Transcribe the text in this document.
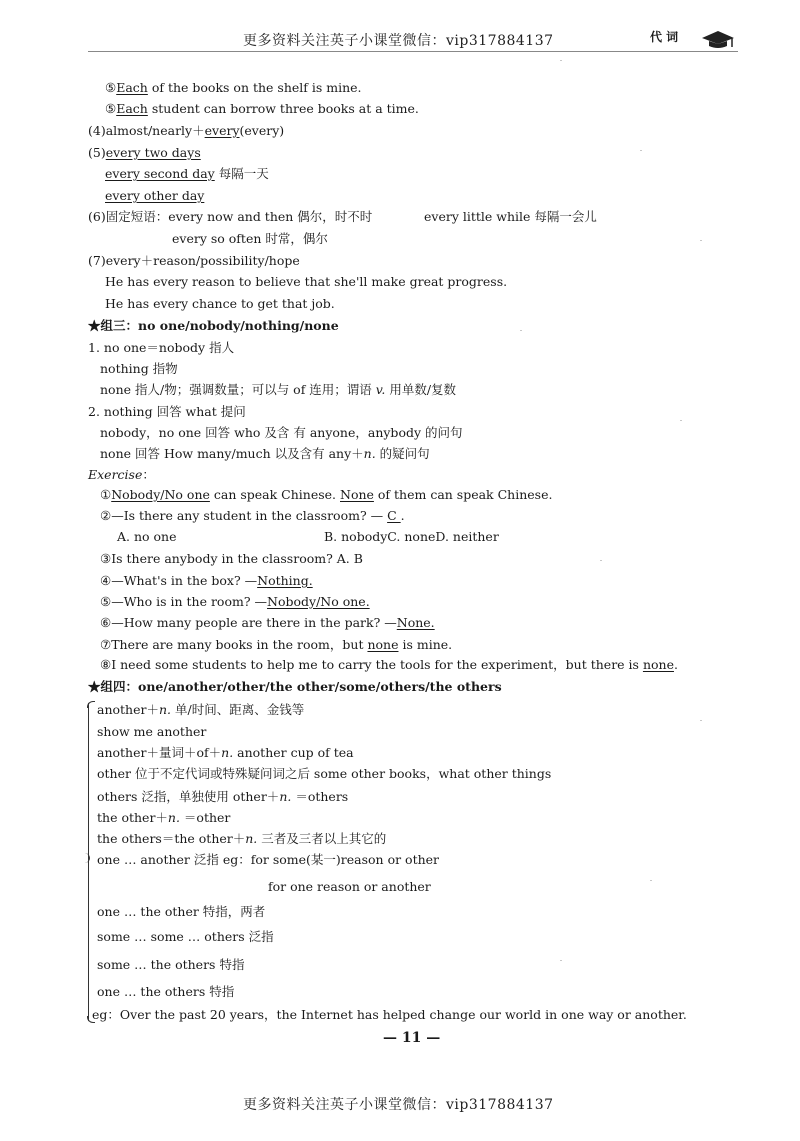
更多资料关注英子小课堂微信：vip317884137	代 词
⑤Each of the books on the shelf is mine.
⑤Each student can borrow three books at a time.
(4)almost/nearly＋every(every)
(5)every two days
every second day 每隔一天
every other day
(6)固定短语：every now and then 偶尔，时不时	every little while 每隔一会儿
every so often 时常，偶尔
(7)every＋reason/possibility/hope
He has every reason to believe that she'll make great progress.
He has every chance to get that job.
★组三：no one/nobody/nothing/none
1. no one＝nobody 指人
nothing 指物
none 指人/物；强调数量；可以与 of 连用；谓语 v. 用单数/复数
2. nothing 回答 what 提问
nobody，no one 回答 who 及含 有 anyone，anybody 的问句
none 回答 How many/much 以及含有 any＋n. 的疑问句
Exercise：
①Nobody/No one can speak Chinese. None of them can speak Chinese.
②—Is there any student in the classroom? — C .
A. no one	B. nobodyC. noneD. neither
③Is there anybody in the classroom? A. B
④—What's in the box? —Nothing.
⑤—Who is in the room? —Nobody/No one.
⑥—How many people are there in the park? —None.
⑦There are many books in the room，but none is mine.
⑧I need some students to help me to carry the tools for the experiment，but there is none.
★组四：one/another/other/the other/some/others/the others
another＋n. 单/时间、距离、金钱等
show me another
another＋量词＋of＋n. another cup of tea
other 位于不定代词或特殊疑问词之后 some other books，what other things
others 泛指，单独使用 other＋n. ＝others
the other＋n. ＝other
the others＝the other＋n. 三者及三者以上其它的
one … another 泛指 eg：for some(某一)reason or other
for one reason or another
one … the other 特指，两者
some … some … others 泛指
some … the others 特指
one … the others 特指
eg：Over the past 20 years，the Internet has helped change our world in one way or another.
— 11 —
更多资料关注英子小课堂微信：vip317884137
